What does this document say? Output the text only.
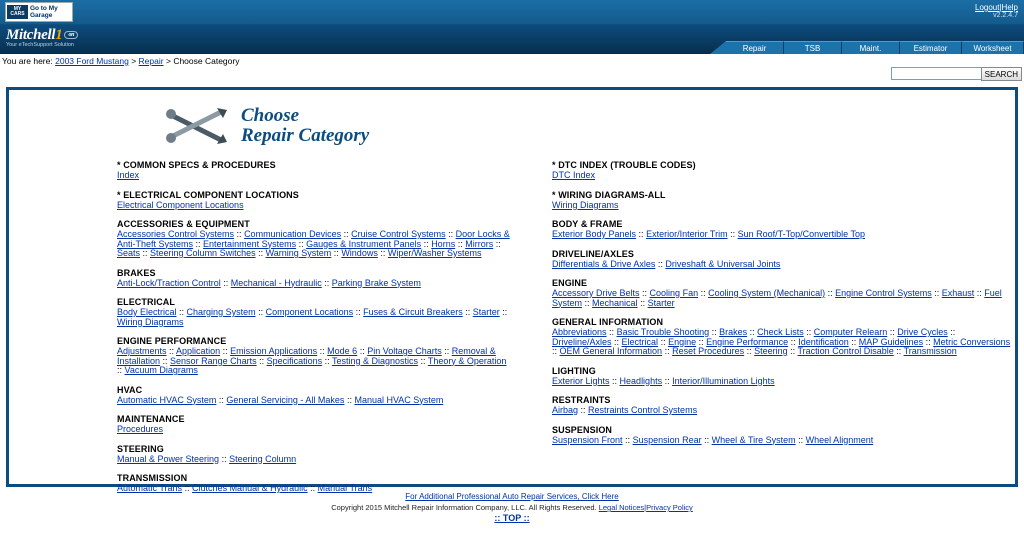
MY CARS
Go to My Garage
Logout|Help
v2.2.4.7
Mitchell1 on
Your eTechSupport Solution	Repair	TSB	Maint.	Estimator	Worksheet
You are here: 2003 Ford Mustang > Repair > Choose Category
SEARCH
Choose
Repair Category
* COMMON SPECS & PROCEDURES
Index
* ELECTRICAL COMPONENT LOCATIONS
Electrical Component Locations
ACCESSORIES & EQUIPMENT
Accessories Control Systems :: Communication Devices :: Cruise Control Systems :: Door Locks & Anti-Theft Systems :: Entertainment Systems :: Gauges & Instrument Panels :: Horns :: Mirrors :: Seats :: Steering Column Switches :: Warning System :: Windows :: Wiper/Washer Systems
BRAKES
Anti-Lock/Traction Control :: Mechanical - Hydraulic :: Parking Brake System
ELECTRICAL
Body Electrical :: Charging System :: Component Locations :: Fuses & Circuit Breakers :: Starter :: Wiring Diagrams
ENGINE PERFORMANCE
Adjustments :: Application :: Emission Applications :: Mode 6 :: Pin Voltage Charts :: Removal & Installation :: Sensor Range Charts :: Specifications :: Testing & Diagnostics :: Theory & Operation :: Vacuum Diagrams
HVAC
Automatic HVAC System :: General Servicing - All Makes :: Manual HVAC System
MAINTENANCE
Procedures
STEERING
Manual & Power Steering :: Steering Column
TRANSMISSION
Automatic Trans :: Clutches Manual & Hydraulic :: Manual Trans
* DTC INDEX (TROUBLE CODES)
DTC Index
* WIRING DIAGRAMS-ALL
Wiring Diagrams
BODY & FRAME
Exterior Body Panels :: Exterior/Interior Trim :: Sun Roof/T-Top/Convertible Top
DRIVELINE/AXLES
Differentials & Drive Axles :: Driveshaft & Universal Joints
ENGINE
Accessory Drive Belts :: Cooling Fan :: Cooling System (Mechanical) :: Engine Control Systems :: Exhaust :: Fuel System :: Mechanical :: Starter
GENERAL INFORMATION
Abbreviations :: Basic Trouble Shooting :: Brakes :: Check Lists :: Computer Relearn :: Drive Cycles :: Driveline/Axles :: Electrical :: Engine :: Engine Performance :: Identification :: MAP Guidelines :: Metric Conversions :: OEM General Information :: Reset Procedures :: Steering :: Traction Control Disable :: Transmission
LIGHTING
Exterior Lights :: Headlights :: Interior/Illumination Lights
RESTRAINTS
Airbag :: Restraints Control Systems
SUSPENSION
Suspension Front :: Suspension Rear :: Wheel & Tire System :: Wheel Alignment
For Additional Professional Auto Repair Services, Click Here
Copyright 2015 Mitchell Repair Information Company, LLC. All Rights Reserved. Legal Notices|Privacy Policy
:: TOP ::
